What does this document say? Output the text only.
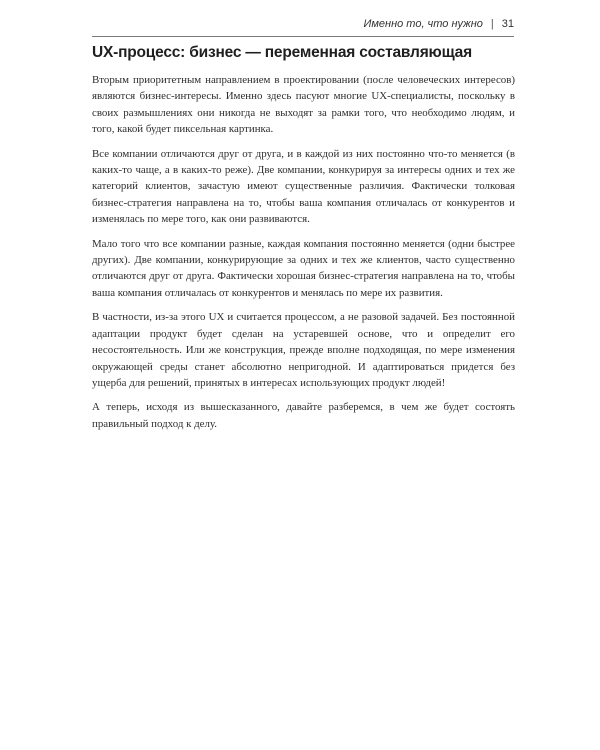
Именно то, что нужно | 31
UX-процесс: бизнес — переменная составляющая

Вторым приоритетным направлением в проектировании (после человеческих интересов) являются бизнес-интересы. Именно здесь пасуют многие UX-специалисты, поскольку в своих размышлениях они никогда не выходят за рамки того, что необходимо людям, и того, какой будет пиксельная картинка.

Все компании отличаются друг от друга, и в каждой из них постоянно что-то меняется (в каких-то чаще, а в каких-то реже). Две компании, конкурируя за интересы одних и тех же категорий клиентов, зачастую имеют существенные различия. Фактически толковая бизнес-стратегия направлена на то, чтобы ваша компания отличалась от конкурентов и изменялась по мере того, как они развиваются.

Мало того что все компании разные, каждая компания постоянно меняется (одни быстрее других). Две компании, конкурирующие за одних и тех же клиентов, часто существенно отличаются друг от друга. Фактически хорошая бизнес-стратегия направлена на то, чтобы ваша компания отличалась от конкурентов и менялась по мере их развития.

В частности, из-за этого UX и считается процессом, а не разовой задачей. Без постоянной адаптации продукт будет сделан на устаревшей основе, что и определит его несостоятельность. Или же конструкция, прежде вполне подходящая, по мере изменения окружающей среды станет абсолютно непригодной. И адаптироваться придется без ущерба для решений, принятых в интересах использующих продукт людей!

А теперь, исходя из вышесказанного, давайте разберемся, в чем же будет состоять правильный подход к делу.
